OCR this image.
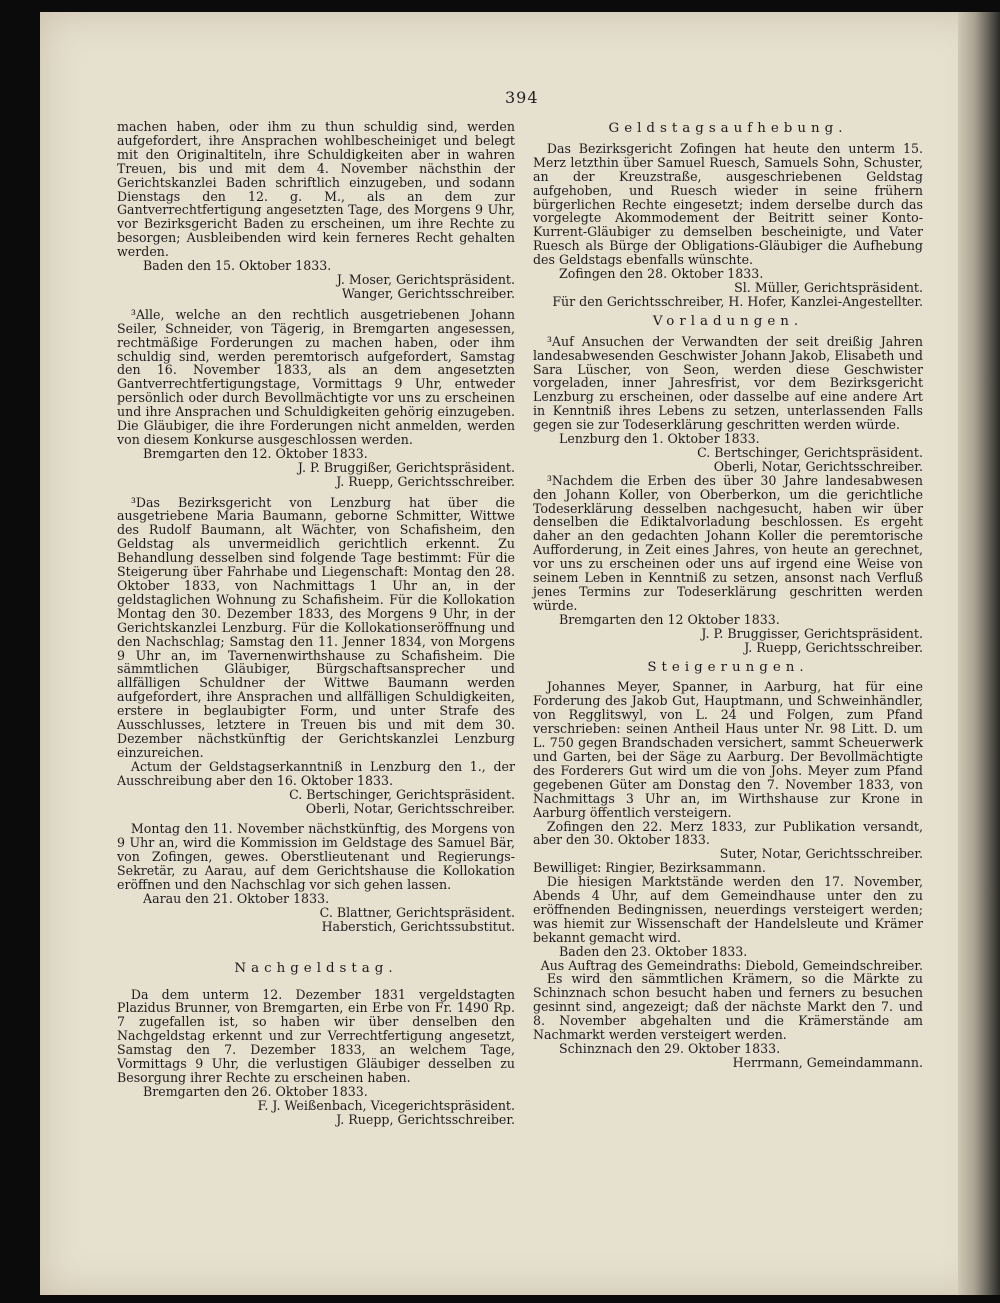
394

machen haben, oder ihm zu thun schuldig sind, werden aufgefordert, ihre Ansprachen wohlbescheiniget und belegt mit den Originaltiteln, ihre Schuldigkeiten aber in wahren Treuen, bis und mit dem 4. November nächsthin der Gerichtskanzlei Baden schriftlich einzugeben, und sodann Dienstags den 12. g. M., als an dem zur Gantverrechtfertigung angesetzten Tage, des Morgens 9 Uhr, vor Bezirksgericht Baden zu erscheinen, um ihre Rechte zu besorgen; Ausbleibenden wird kein ferneres Recht gehalten werden.

Baden den 15. Oktober 1833.

J. Moser, Gerichtspräsident.

Wanger, Gerichtsschreiber.

³Alle, welche an den rechtlich ausgetriebenen Johann Seiler, Schneider, von Tägerig, in Bremgarten angesessen, rechtmäßige Forderungen zu machen haben, oder ihm schuldig sind, werden peremtorisch aufgefordert, Samstag den 16. November 1833, als an dem angesetzten Gantverrechtfertigungstage, Vormittags 9 Uhr, entweder persönlich oder durch Bevollmächtigte vor uns zu erscheinen und ihre Ansprachen und Schuldigkeiten gehörig einzugeben. Die Gläubiger, die ihre Forderungen nicht anmelden, werden von diesem Konkurse ausgeschlossen werden.

Bremgarten den 12. Oktober 1833.

J. P. Bruggißer, Gerichtspräsident.

J. Ruepp, Gerichtsschreiber.

³Das Bezirksgericht von Lenzburg hat über die ausgetriebene Maria Baumann, geborne Schmitter, Wittwe des Rudolf Baumann, alt Wächter, von Schafisheim, den Geldstag als unvermeidlich gerichtlich erkennt. Zu Behandlung desselben sind folgende Tage bestimmt: Für die Steigerung über Fahrhabe und Liegenschaft: Montag den 28. Oktober 1833, von Nachmittags 1 Uhr an, in der geldstaglichen Wohnung zu Schafisheim. Für die Kollokation Montag den 30. Dezember 1833, des Morgens 9 Uhr, in der Gerichtskanzlei Lenzburg. Für die Kollokationseröffnung und den Nachschlag; Samstag den 11. Jenner 1834, von Morgens 9 Uhr an, im Tavernenwirthshause zu Schafisheim. Die sämmtlichen Gläubiger, Bürgschaftsansprecher und allfälligen Schuldner der Wittwe Baumann werden aufgefordert, ihre Ansprachen und allfälligen Schuldigkeiten, erstere in beglaubigter Form, und unter Strafe des Ausschlusses, letztere in Treuen bis und mit dem 30. Dezember nächstkünftig der Gerichtskanzlei Lenzburg einzureichen.

Actum der Geldstagserkanntniß in Lenzburg den 1., der Ausschreibung aber den 16. Oktober 1833.

C. Bertschinger, Gerichtspräsident.

Oberli, Notar, Gerichtsschreiber.

Montag den 11. November nächstkünftig, des Morgens von 9 Uhr an, wird die Kommission im Geldstage des Samuel Bär, von Zofingen, gewes. Oberstlieutenant und Regierungs-Sekretär, zu Aarau, auf dem Gerichtshause die Kollokation eröffnen und den Nachschlag vor sich gehen lassen.

Aarau den 21. Oktober 1833.

C. Blattner, Gerichtspräsident.

Haberstich, Gerichtssubstitut.

Nachgeldstag.

Da dem unterm 12. Dezember 1831 vergeldstagten Plazidus Brunner, von Bremgarten, ein Erbe von Fr. 1490 Rp. 7 zugefallen ist, so haben wir über denselben den Nachgeldstag erkennt und zur Verrechtfertigung angesetzt, Samstag den 7. Dezember 1833, an welchem Tage, Vormittags 9 Uhr, die verlustigen Gläubiger desselben zu Besorgung ihrer Rechte zu erscheinen haben.

Bremgarten den 26. Oktober 1833.

F. J. Weißenbach, Vicegerichtspräsident.

J. Ruepp, Gerichtsschreiber.

Geldstagsaufhebung.

Das Bezirksgericht Zofingen hat heute den unterm 15. Merz letzthin über Samuel Ruesch, Samuels Sohn, Schuster, an der Kreuzstraße, ausgeschriebenen Geldstag aufgehoben, und Ruesch wieder in seine frühern bürgerlichen Rechte eingesetzt; indem derselbe durch das vorgelegte Akommodement der Beitritt seiner Konto-Kurrent-Gläubiger zu demselben bescheinigte, und Vater Ruesch als Bürge der Obligations-Gläubiger die Aufhebung des Geldstags ebenfalls wünschte.

Zofingen den 28. Oktober 1833.

Sl. Müller, Gerichtspräsident.

Für den Gerichtsschreiber, H. Hofer, Kanzlei-Angestellter.

Vorladungen.

³Auf Ansuchen der Verwandten der seit dreißig Jahren landesabwesenden Geschwister Johann Jakob, Elisabeth und Sara Lüscher, von Seon, werden diese Geschwister vorgeladen, inner Jahresfrist, vor dem Bezirksgericht Lenzburg zu erscheinen, oder dasselbe auf eine andere Art in Kenntniß ihres Lebens zu setzen, unterlassenden Falls gegen sie zur Todeserklärung geschritten werden würde.

Lenzburg den 1. Oktober 1833.

C. Bertschinger, Gerichtspräsident.

Oberli, Notar, Gerichtsschreiber.

³Nachdem die Erben des über 30 Jahre landesabwesen den Johann Koller, von Oberberkon, um die gerichtliche Todeserklärung desselben nachgesucht, haben wir über denselben die Ediktalvorladung beschlossen. Es ergeht daher an den gedachten Johann Koller die peremtorische Aufforderung, in Zeit eines Jahres, von heute an gerechnet, vor uns zu erscheinen oder uns auf irgend eine Weise von seinem Leben in Kenntniß zu setzen, ansonst nach Verfluß jenes Termins zur Todeserklärung geschritten werden würde.

Bremgarten den 12 Oktober 1833.

J. P. Bruggisser, Gerichtspräsident.

J. Ruepp, Gerichtsschreiber.

Steigerungen.

Johannes Meyer, Spanner, in Aarburg, hat für eine Forderung des Jakob Gut, Hauptmann, und Schweinhändler, von Regglitswyl, von L. 24 und Folgen, zum Pfand verschrieben: seinen Antheil Haus unter Nr. 98 Litt. D. um L. 750 gegen Brandschaden versichert, sammt Scheuerwerk und Garten, bei der Säge zu Aarburg. Der Bevollmächtigte des Forderers Gut wird um die von Johs. Meyer zum Pfand gegebenen Güter am Donstag den 7. November 1833, von Nachmittags 3 Uhr an, im Wirthshause zur Krone in Aarburg öffentlich versteigern.

Zofingen den 22. Merz 1833, zur Publikation versandt, aber den 30. Oktober 1833.

Suter, Notar, Gerichtsschreiber.

Bewilliget: Ringier, Bezirksammann.

Die hiesigen Marktstände werden den 17. November, Abends 4 Uhr, auf dem Gemeindhause unter den zu eröffnenden Bedingnissen, neuerdings versteigert werden; was hiemit zur Wissenschaft der Handelsleute und Krämer bekannt gemacht wird.

Baden den 23. Oktober 1833.

Aus Auftrag des Gemeindraths: Diebold, Gemeindschreiber.

Es wird den sämmtlichen Krämern, so die Märkte zu Schinznach schon besucht haben und ferners zu besuchen gesinnt sind, angezeigt; daß der nächste Markt den 7. und 8. November abgehalten und die Krämerstände am Nachmarkt werden versteigert werden.

Schinznach den 29. Oktober 1833.

Herrmann, Gemeindammann.
